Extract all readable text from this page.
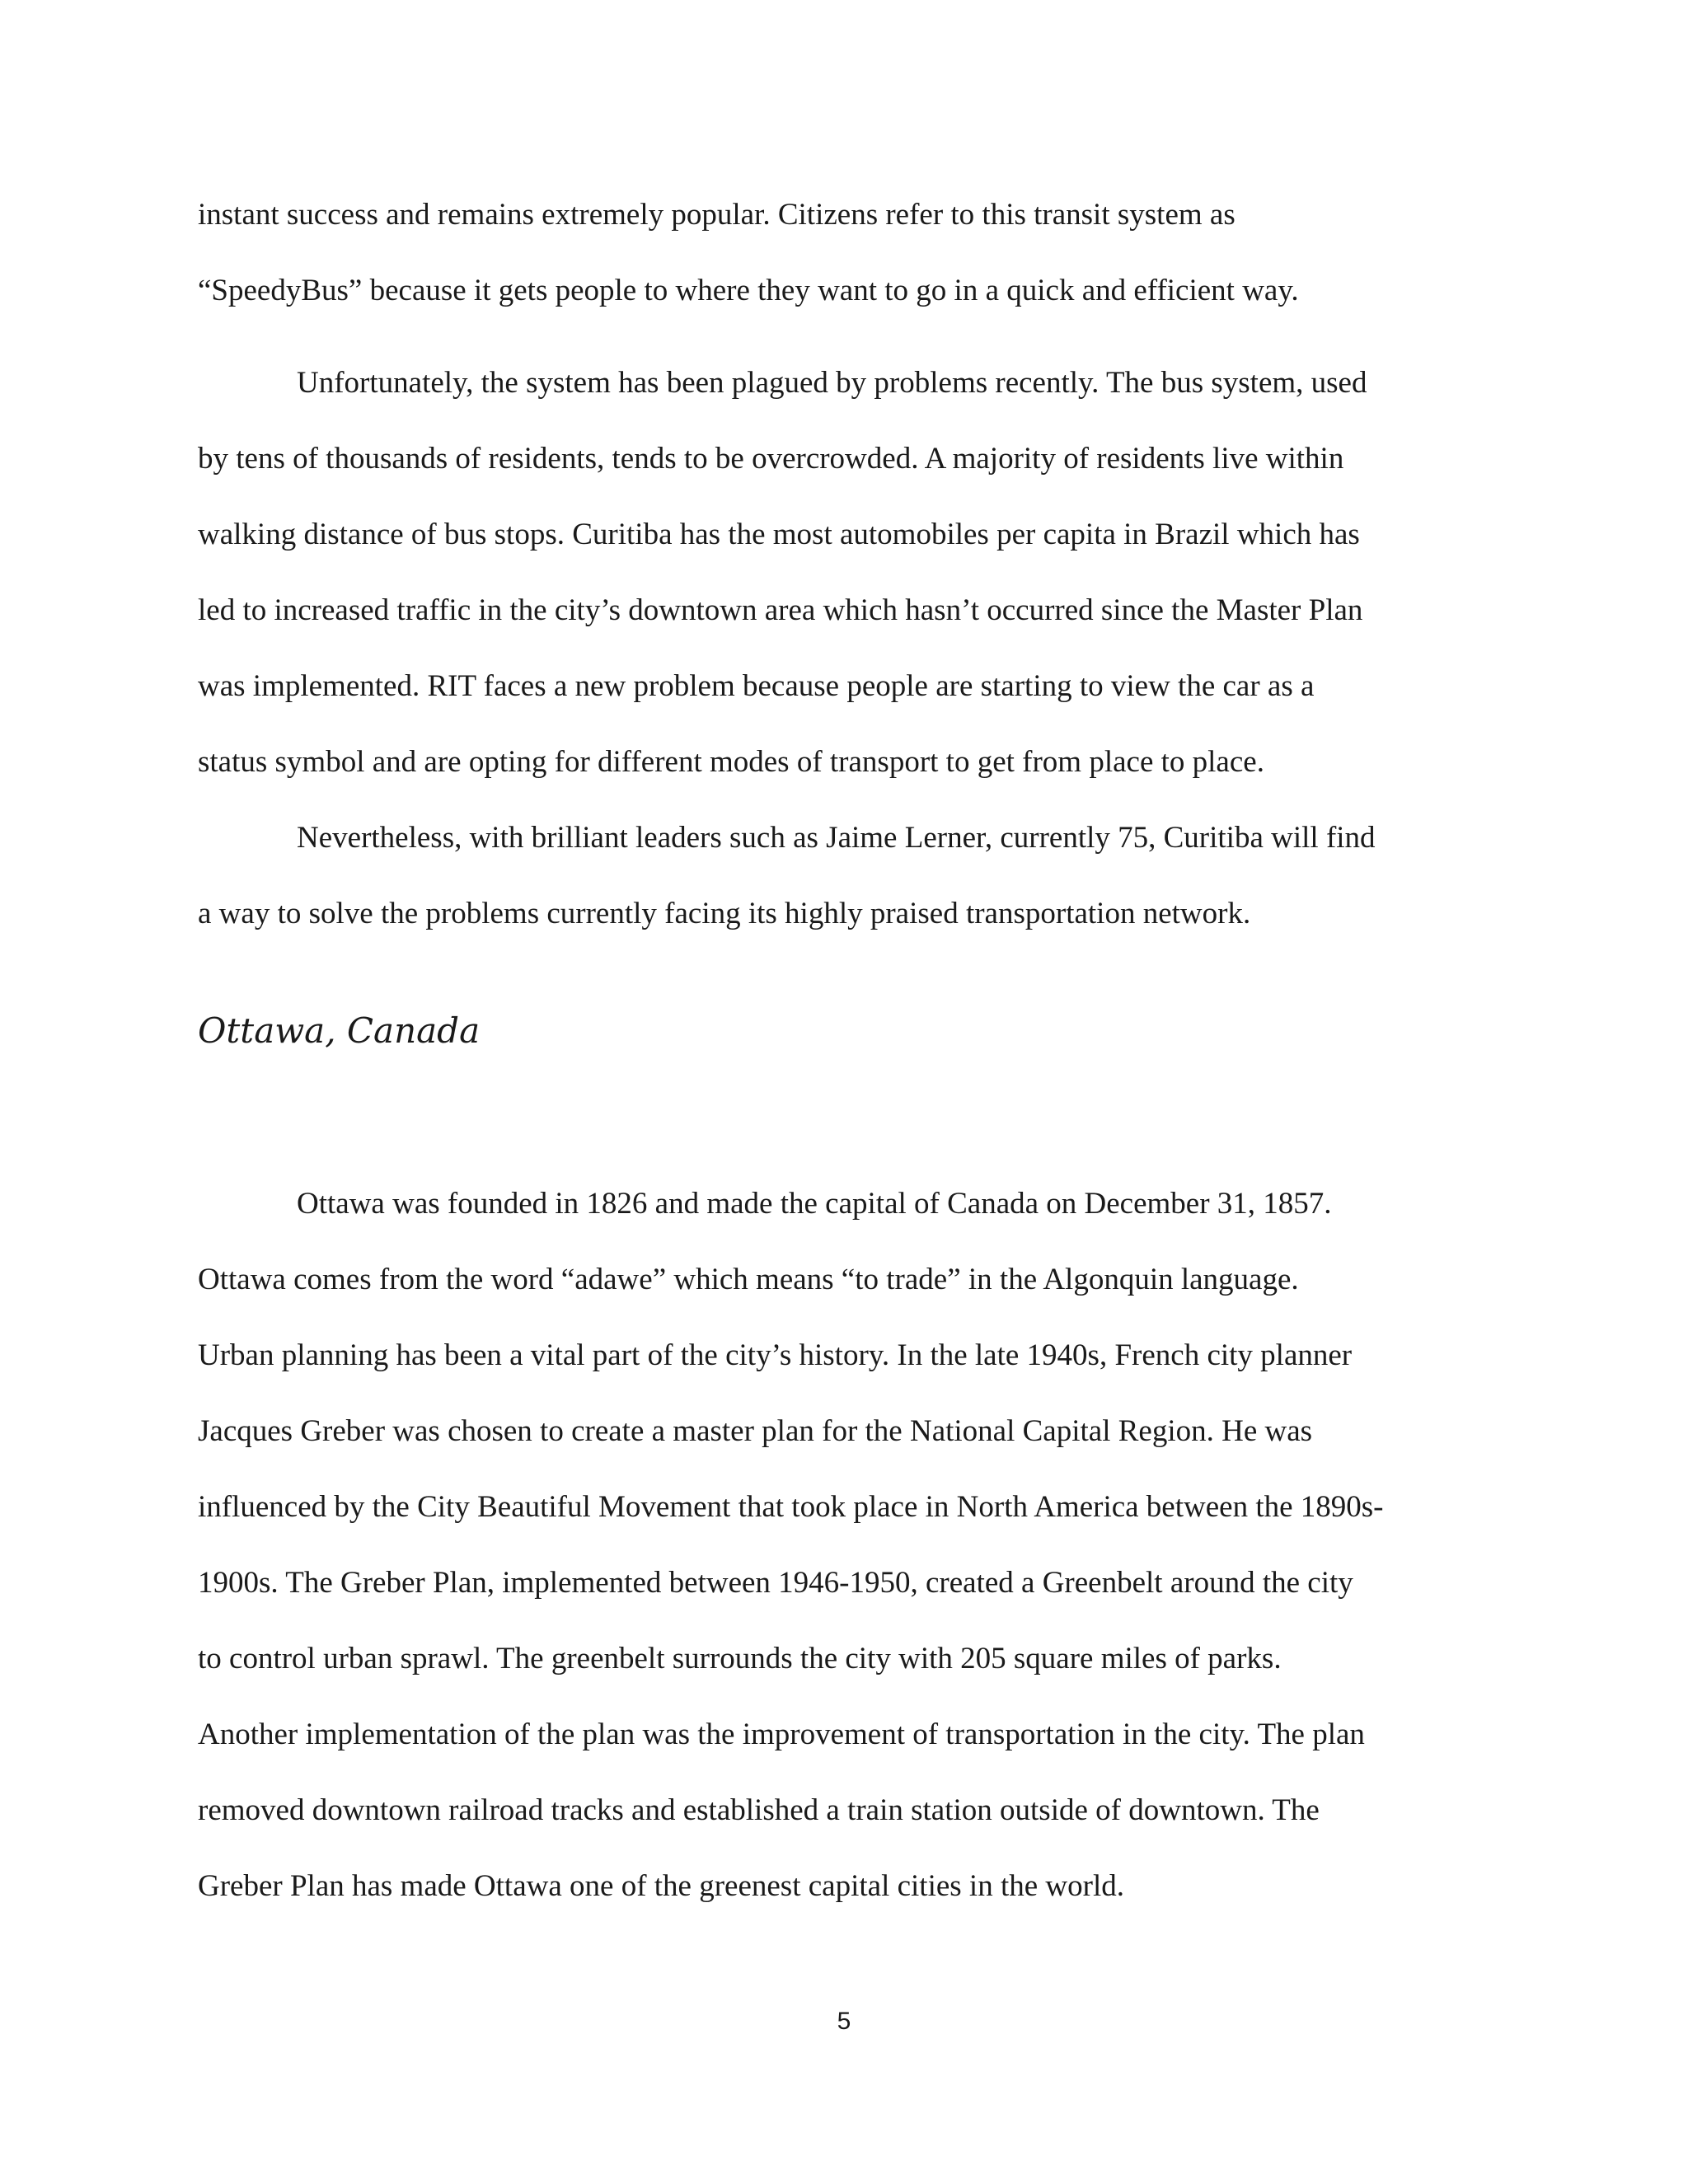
instant success and remains extremely popular. Citizens refer to this transit system as
“SpeedyBus” because it gets people to where they want to go in a quick and efficient way.
Unfortunately, the system has been plagued by problems recently. The bus system, used
by tens of thousands of residents, tends to be overcrowded. A majority of residents live within
walking distance of bus stops. Curitiba has the most automobiles per capita in Brazil which has
led to increased traffic in the city’s downtown area which hasn’t occurred since the Master Plan
was implemented. RIT faces a new problem because people are starting to view the car as a
status symbol and are opting for different modes of transport to get from place to place.
Nevertheless, with brilliant leaders such as Jaime Lerner, currently 75, Curitiba will find
a way to solve the problems currently facing its highly praised transportation network.
Ottawa, Canada
Ottawa was founded in 1826 and made the capital of Canada on December 31, 1857.
Ottawa comes from the word “adawe” which means “to trade” in the Algonquin language.
Urban planning has been a vital part of the city’s history. In the late 1940s, French city planner
Jacques Greber was chosen to create a master plan for the National Capital Region. He was
influenced by the City Beautiful Movement that took place in North America between the 1890s-
1900s. The Greber Plan, implemented between 1946-1950, created a Greenbelt around the city
to control urban sprawl. The greenbelt surrounds the city with 205 square miles of parks.
Another implementation of the plan was the improvement of transportation in the city. The plan
removed downtown railroad tracks and established a train station outside of downtown. The
Greber Plan has made Ottawa one of the greenest capital cities in the world.
5
